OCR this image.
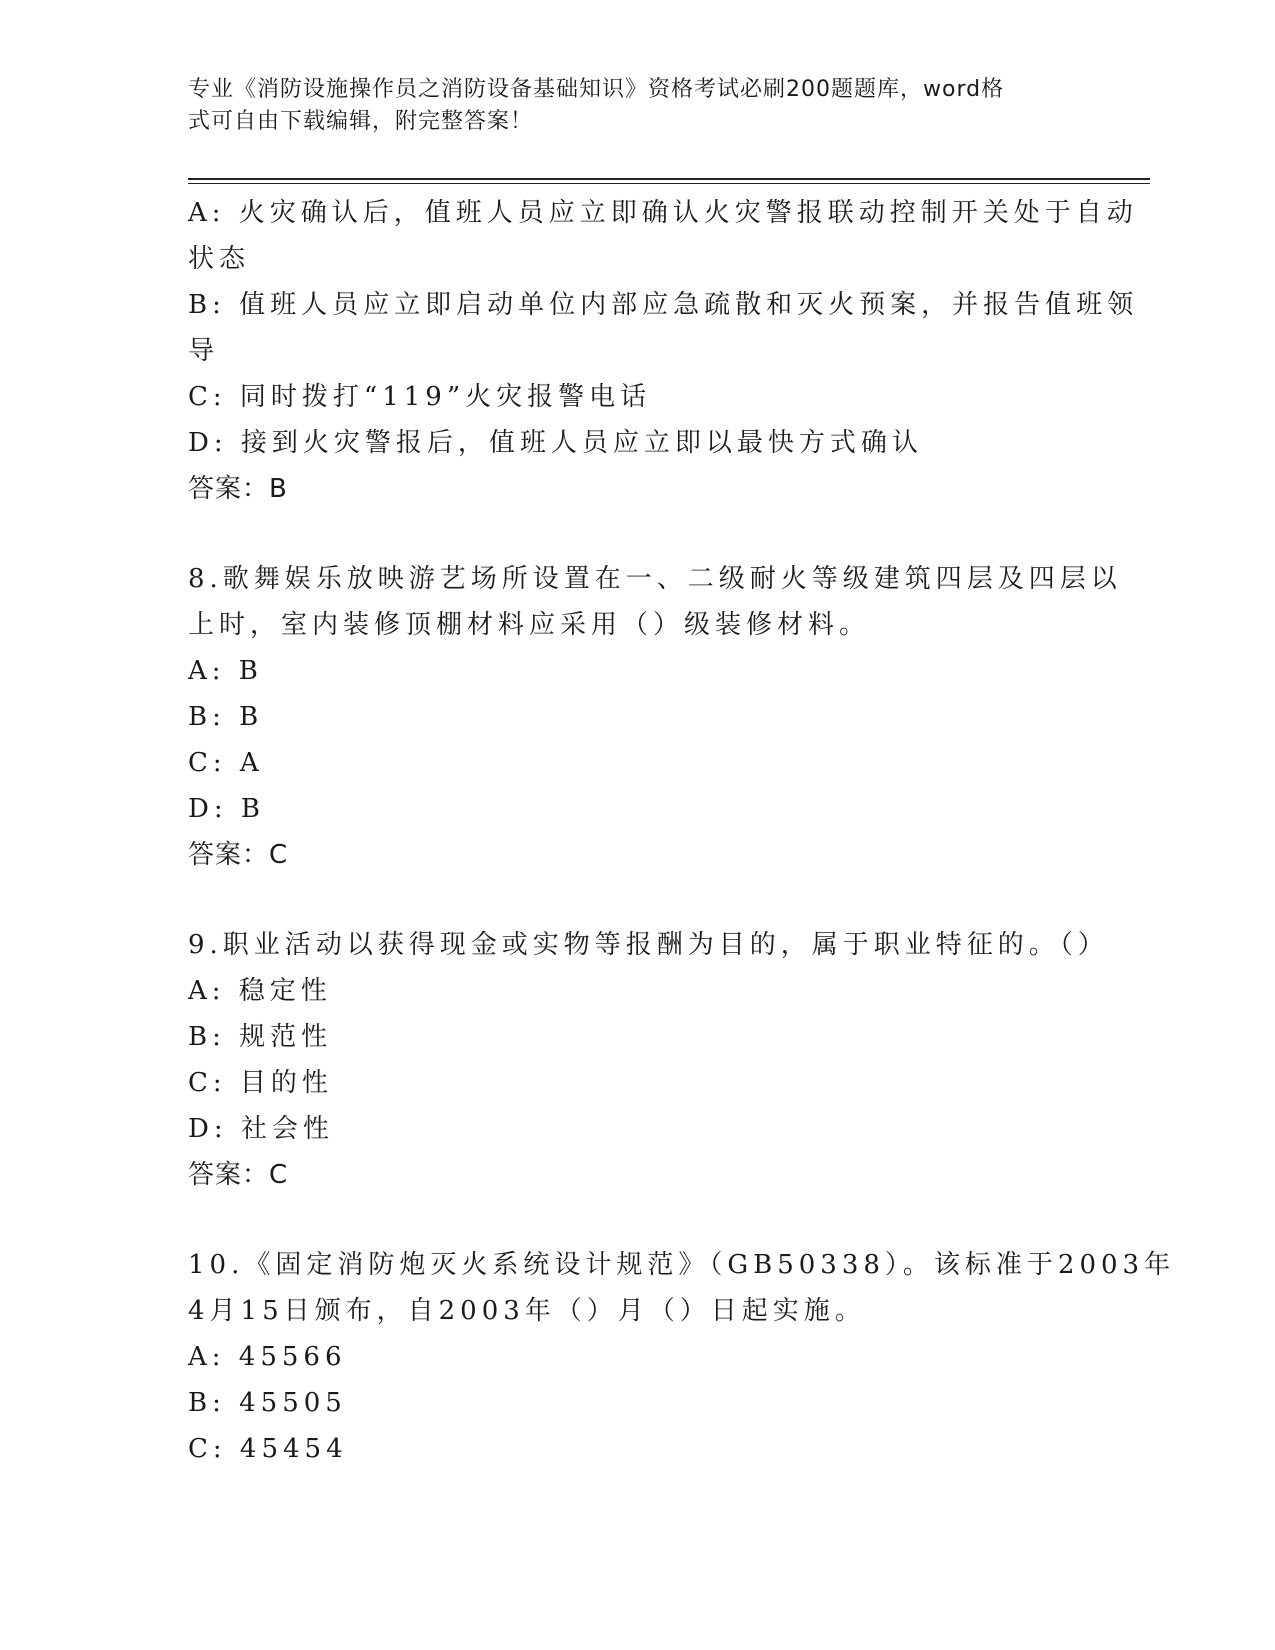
专业《消防设施操作员之消防设备基础知识》资格考试必刷200题题库，word格
式可自由下载编辑，附完整答案！
A: 火灾确认后，值班人员应立即确认火灾警报联动控制开关处于自动
状态
B: 值班人员应立即启动单位内部应急疏散和灭火预案，并报告值班领
导
C: 同时拨打“119”火灾报警电话
D: 接到火灾警报后，值班人员应立即以最快方式确认
答案：B
8.歌舞娱乐放映游艺场所设置在一、二级耐火等级建筑四层及四层以
上时，室内装修顶棚材料应采用（）级装修材料。
A: B
B: B
C: A
D: B
答案：C
9.职业活动以获得现金或实物等报酬为目的，属于职业特征的。（）
A: 稳定性
B: 规范性
C: 目的性
D: 社会性
答案：C
10.《固定消防炮灭火系统设计规范》（GB50338）。该标准于2003年
4月15日颁布，自2003年（）月（）日起实施。
A: 45566
B: 45505
C: 45454
